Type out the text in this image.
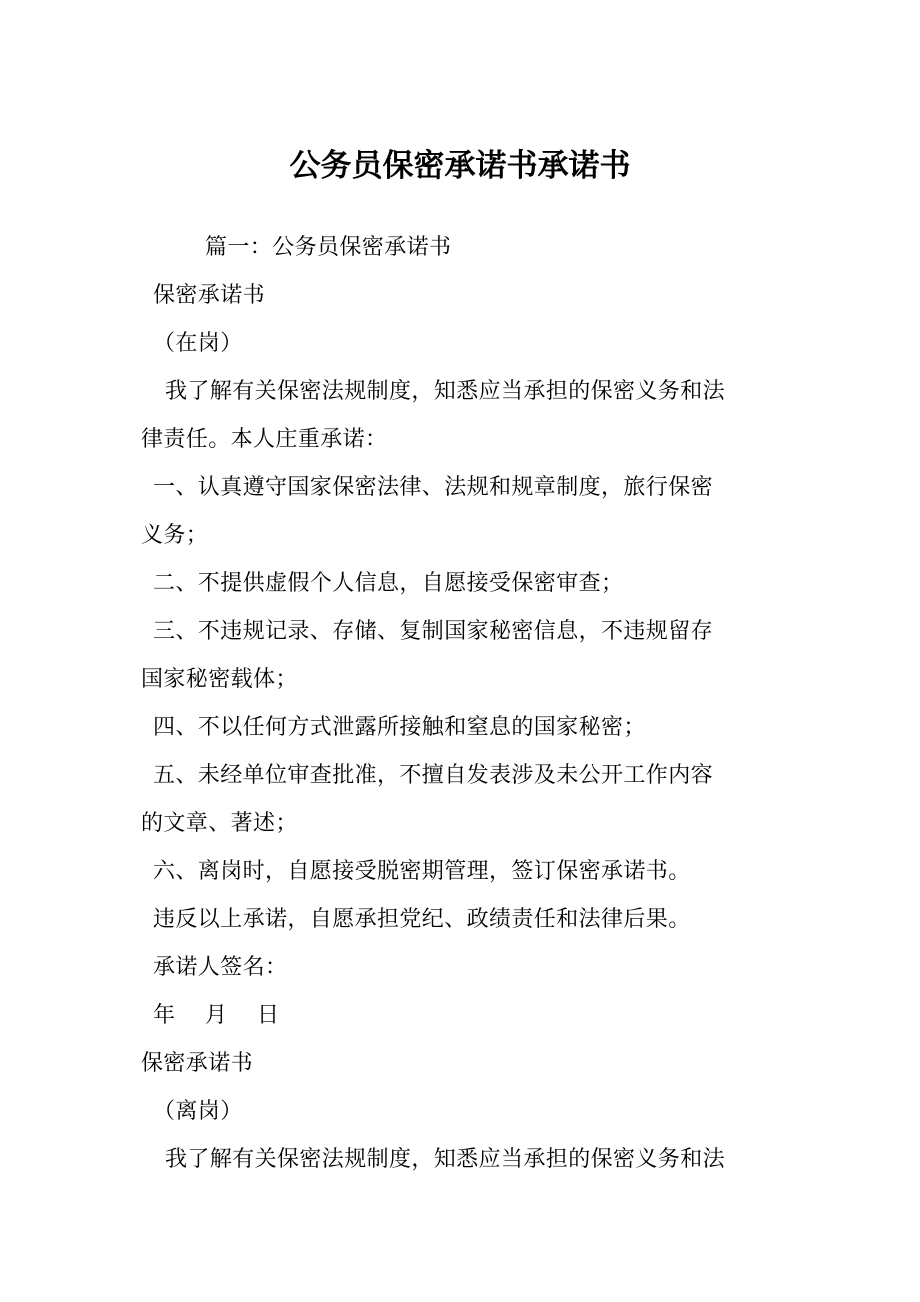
公务员保密承诺书承诺书

篇一：公务员保密承诺书

保密承诺书

（在岗）

我了解有关保密法规制度，知悉应当承担的保密义务和法

律责任。本人庄重承诺：

一、认真遵守国家保密法律、法规和规章制度，旅行保密

义务；

二、不提供虚假个人信息，自愿接受保密审查；

三、不违规记录、存储、复制国家秘密信息，不违规留存

国家秘密载体；

四、不以任何方式泄露所接触和窒息的国家秘密；

五、未经单位审查批准，不擅自发表涉及未公开工作内容

的文章、著述；

六、离岗时，自愿接受脱密期管理，签订保密承诺书。

违反以上承诺，自愿承担党纪、政绩责任和法律后果。

承诺人签名：

年    月    日

保密承诺书

（离岗）

我了解有关保密法规制度，知悉应当承担的保密义务和法
